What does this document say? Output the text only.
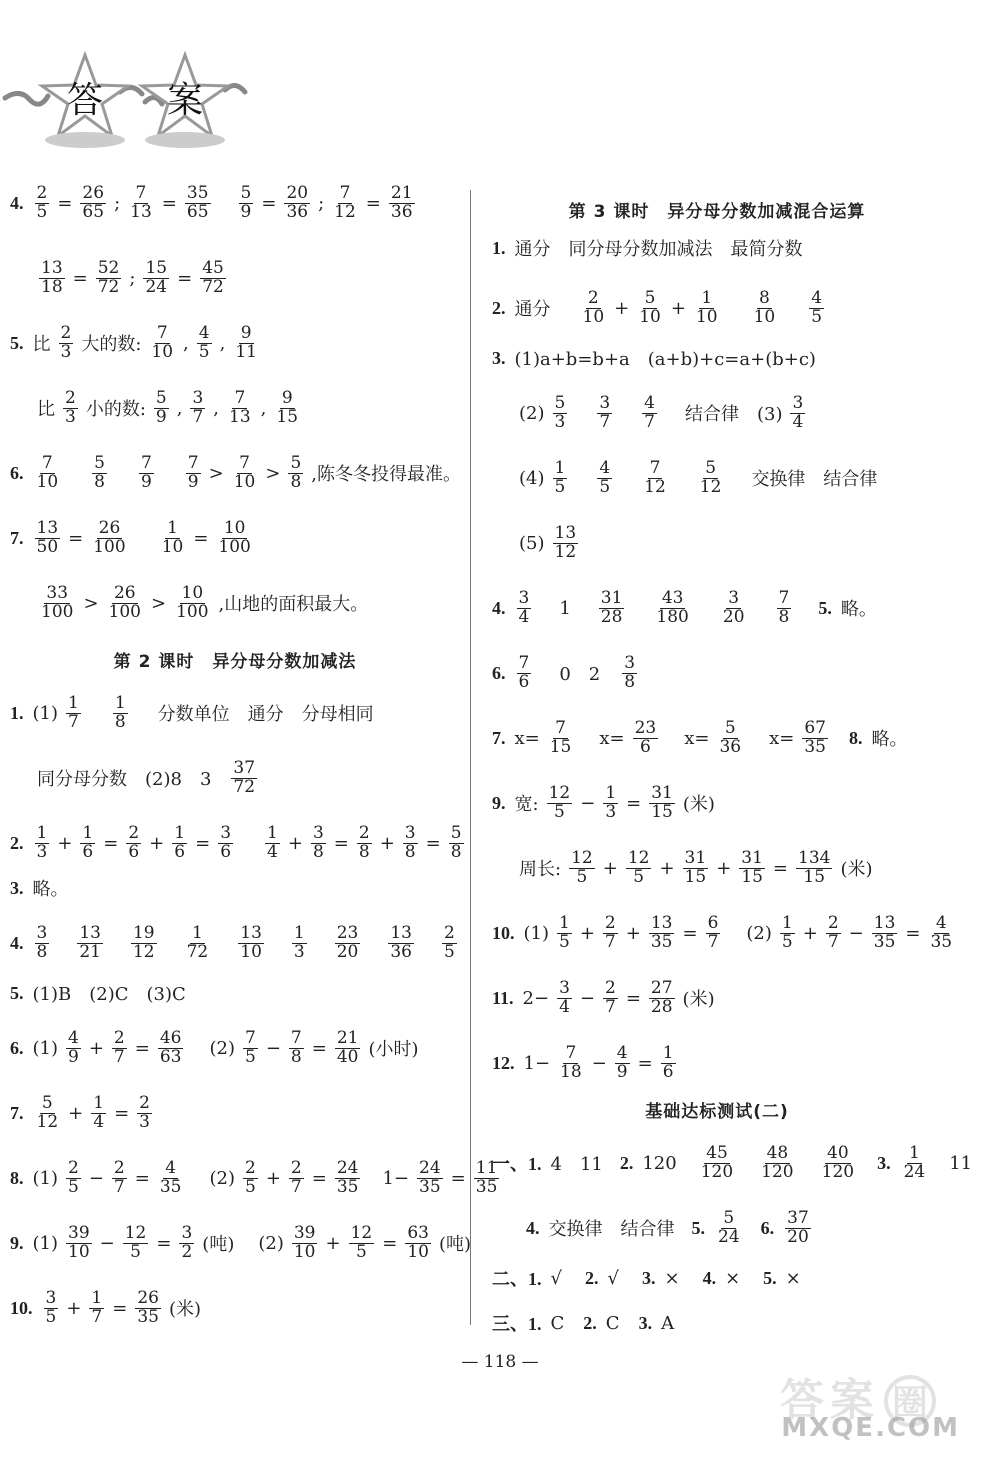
答 案
4. $\frac{2}{5} = \frac{26}{65}$ ; $\frac{7}{13} = \frac{35}{65} \frac{5}{9} = \frac{20}{36}$ ; $\frac{7}{12} = \frac{21}{36}$
$\frac{13}{18} = \frac{52}{72}$ ; $\frac{15}{24} = \frac{45}{72}$
5. 比 $\frac{2}{3}$ 大的数: $\frac{7}{10}$ , $\frac{4}{5}$ , $\frac{9}{11}$
比 $\frac{2}{3}$ 小的数: $\frac{5}{9}$ , $\frac{3}{7}$ , $\frac{7}{13}$ , $\frac{9}{15}$
6. $\frac{7}{10} \frac{5}{8} \frac{7}{9} \frac{7}{9} > \frac{7}{10} > \frac{5}{8}$ ,陈冬冬投得最准。
7. $\frac{13}{50} = \frac{26}{100} \frac{1}{10} = \frac{10}{100}$
$\frac{33}{100} > \frac{26}{100} > \frac{10}{100}$ ,山地的面积最大。
第 2 课时　异分母分数加减法
1. $(1) \frac{1}{7} \frac{1}{8}$ 分数单位　通分　分母相同
同分母分数　(2)8　$3 \frac{37}{72}$
2. $\frac{1}{3} + \frac{1}{6} = \frac{2}{6} + \frac{1}{6} = \frac{3}{6} \frac{1}{4} + \frac{3}{8} = \frac{2}{8} + \frac{3}{8} = \frac{5}{8}$
3. 略。
4. $\frac{3}{8} \frac{13}{21} \frac{19}{12} \frac{1}{72} \frac{13}{10} \frac{1}{3} \frac{23}{20} \frac{13}{36} \frac{2}{5}$
5. (1)B　(2)C　(3)C
6. $(1) \frac{4}{9} + \frac{2}{7} = \frac{46}{63} (2) \frac{7}{5} - \frac{7}{8} = \frac{21}{40}$ (小时)
7. $\frac{5}{12} + \frac{1}{4} = \frac{2}{3}$
8. $(1) \frac{2}{5} - \frac{2}{7} = \frac{4}{35} (2) \frac{2}{5} + \frac{2}{7} = \frac{24}{35} 1- \frac{24}{35} = \frac{11}{35}$
9. $(1) \frac{39}{10} - \frac{12}{5} = \frac{3}{2}$ (吨) $(2) \frac{39}{10} + \frac{12}{5} = \frac{63}{10}$ (吨)
10. $\frac{3}{5} + \frac{1}{7} = \frac{26}{35}$ (米)
第 3 课时　异分母分数加减混合运算
1. 通分　同分母分数加减法　最简分数
2. 通分 $\frac{2}{10} + \frac{5}{10} + \frac{1}{10} \frac{8}{10} \frac{4}{5}$
3. (1)a+b=b+a　(a+b)+c=a+(b+c)
$(2) \frac{5}{3} \frac{3}{7} \frac{4}{7}$ 结合律　$(3) \frac{3}{4}$
$(4) \frac{1}{5} \frac{4}{5} \frac{7}{12} \frac{5}{12}$ 交换律　结合律
$(5) \frac{13}{12}$
4. $\frac{3}{4} 1 \frac{31}{28} \frac{43}{180} \frac{3}{20} \frac{7}{8} 5$. 略。
6. $\frac{7}{6} 0$　$2 \frac{3}{8}$
7. $x= \frac{7}{15} x= \frac{23}{6} x= \frac{5}{36} x= \frac{67}{35} 8$. 略。
9. 宽: $\frac{12}{5} - \frac{1}{3} = \frac{31}{15}$ (米)
周长: $\frac{12}{5} + \frac{12}{5} + \frac{31}{15} + \frac{31}{15} = \frac{134}{15}$ (米)
10. $(1) \frac{1}{5} + \frac{2}{7} + \frac{13}{35} = \frac{6}{7} (2) \frac{1}{5} + \frac{2}{7} - \frac{13}{35} = \frac{4}{35}$
11. $2- \frac{3}{4} - \frac{2}{7} = \frac{27}{28}$ (米)
12. $1- \frac{7}{18} - \frac{4}{9} = \frac{1}{6}$
基础达标测试(二)
一、1. 4　11 2. $120 \frac{45}{120} \frac{48}{120} \frac{40}{120} 3$. $\frac{1}{24} 11$
4. 交换律　结合律 5. $\frac{5}{24} 6$. $\frac{37}{20}$
二、1. √ 2. √ 3. × 4. × 5. ×
三、1. C 2. C 3. A
— 118 —
答 案 圈
MXQE.COM
